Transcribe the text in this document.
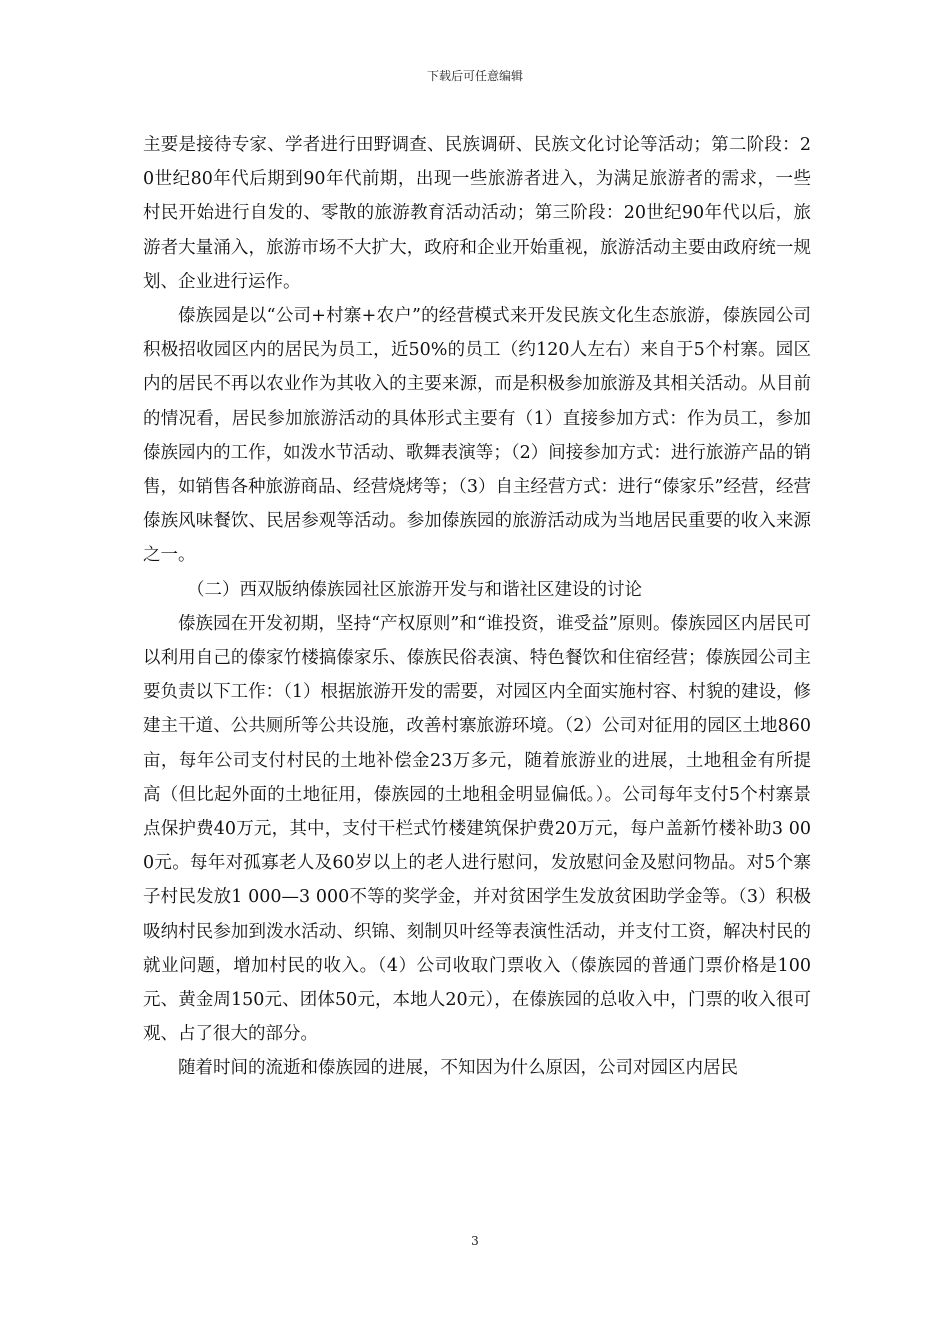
下载后可任意编辑

主要是接待专家、学者进行田野调查、民族调研、民族文化讨论等活动；第二阶段：20世纪80年代后期到90年代前期，出现一些旅游者进入，为满足旅游者的需求，一些村民开始进行自发的、零散的旅游教育活动活动；第三阶段：20世纪90年代以后，旅游者大量涌入，旅游市场不大扩大，政府和企业开始重视，旅游活动主要由政府统一规划、企业进行运作。

傣族园是以“公司+村寨+农户”的经营模式来开发民族文化生态旅游，傣族园公司积极招收园区内的居民为员工，近50%的员工（约120人左右）来自于5个村寨。园区内的居民不再以农业作为其收入的主要来源，而是积极参加旅游及其相关活动。从目前的情况看，居民参加旅游活动的具体形式主要有（1）直接参加方式：作为员工，参加傣族园内的工作，如泼水节活动、歌舞表演等；（2）间接参加方式：进行旅游产品的销售，如销售各种旅游商品、经营烧烤等；（3）自主经营方式：进行“傣家乐”经营，经营傣族风味餐饮、民居参观等活动。参加傣族园的旅游活动成为当地居民重要的收入来源之一。

（二）西双版纳傣族园社区旅游开发与和谐社区建设的讨论

傣族园在开发初期，坚持“产权原则”和“谁投资，谁受益”原则。傣族园区内居民可以利用自己的傣家竹楼搞傣家乐、傣族民俗表演、特色餐饮和住宿经营；傣族园公司主要负责以下工作：（1）根据旅游开发的需要，对园区内全面实施村容、村貌的建设，修建主干道、公共厕所等公共设施，改善村寨旅游环境。（2）公司对征用的园区土地860亩，每年公司支付村民的土地补偿金23万多元，随着旅游业的进展，土地租金有所提高（但比起外面的土地征用，傣族园的土地租金明显偏低。）。公司每年支付5个村寨景点保护费40万元，其中，支付干栏式竹楼建筑保护费20万元，每户盖新竹楼补助3 000元。每年对孤寡老人及60岁以上的老人进行慰问，发放慰问金及慰问物品。对5个寨子村民发放1 000—3 000不等的奖学金，并对贫困学生发放贫困助学金等。（3）积极吸纳村民参加到泼水活动、织锦、刻制贝叶经等表演性活动，并支付工资，解决村民的就业问题，增加村民的收入。（4）公司收取门票收入（傣族园的普通门票价格是100元、黄金周150元、团体50元，本地人20元），在傣族园的总收入中，门票的收入很可观、占了很大的部分。

随着时间的流逝和傣族园的进展，不知因为什么原因，公司对园区内居民

3
